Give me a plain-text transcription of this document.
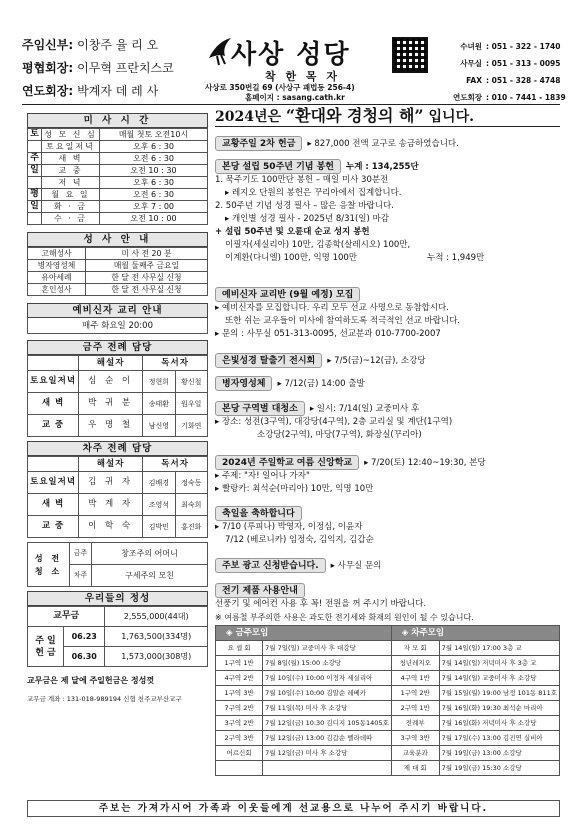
주임신부: 이창주 율 리 오
평협회장: 이무혁 프란치스코
연도회장: 박계자 데 레 사
사상 성당
착 한 목 자
사상로 350번길 69 (사상구 괘법동 256-4)
홈페이지 : sasang.cath.kr
수녀원 : 051 - 322 - 1740
사무실 : 051 - 313 - 0095
FAX : 051 - 328 - 4748
연도회장 : 010 - 7441 - 1839
미 사 시 간
토	성 모 신 심	매월 첫토 오전10시
	토요일저녁	오후 6 : 30
주	새 벽	오전 6 : 30
일	교 중	오전 10 : 30
	저 녁	오후 6 : 30
평	월 요 일	오전 6 : 30
일	화 · 금	오후 7 : 00
	수 · 금	오전 10 : 00
성 사 안 내
고해성사	미 사 전 20 분
병자영성체	매월 둘째주 금요일
유아세례	한 달 전 사무실 신청
혼인성사	한 달 전 사무실 신청
예비신자 교리 안내
매주 화요일 20:00
금주 전례 담당
	해설자	독서자	
토요일저녁	심 순 이	정현희	황신철
새 벽	박 귀 분	송태환	원우일
교 중	우 명 철	남신영	기화연
차주 전례 담당
	해설자	독서자	
토요일저녁	김 귀 자	김배경	정숙동
새 벽	박 계 자	조영석	최숙희
교 중	이 학 숙	김박민	홍진화
성 전 청 소	금주	창조주의 어머니
	차주	구세주의 모친
우리들의 정성
교무금		2,555,000(44대)
주 일 헌 금	06.23	1,763,500(334명)
	06.30	1,573,000(308명)
교무금은 제 달에 주일헌금은 정성껏
교무금 계좌 : 131-018-989194 신협 천주교부산교구
2024년은 “환대와 경청의 해” 입니다.
교황주일 2차 헌금 ▸ 827,000 전액 교구로 송금하였습니다.
본당 설립 50주년 기념 봉헌 누계 : 134,255단

1. 묵주기도 100만단 봉헌 – 매일 미사 30분전

▸ 레지오 단원의 봉헌은 꾸리아에서 집계합니다.

2. 50주년 기념 성경 필사 – 많은 응찰 바랍니다.

▸ 개인별 성경 필사 - 2025년 8/31(일) 마감

+ 설립 50주년 및 오륜대 순교 성지 봉헌

이필자(세실리아) 10만, 김종학(살레시오) 100만,

이계환(다니엘) 100만, 익명 100만	누적 : 1,949만

예비신자 교리반 (9월 예정) 모집

▸ 예비신자를 모집합니다. 우리 모두 선교 사명으로 동참합시다.

또한 쉬는 교우들이 미사에 참여하도록 적극적인 선교 바랍니다.

▸ 문의 : 사무실 051-313-0095, 선교분과 010-7700-2007

은빛성경 탈출기 전시회 ▸ 7/5(금)~12(금), 소강당
병자영성체 ▸ 7/12(금) 14:00 출발
본당 구역별 대청소 ▸ 일시: 7/14(일) 교중미사 후

▸ 장소: 성전(3구역), 대강당(4구역), 2층 교리실 및 계단(1구역)

소강당(2구역), 마당(7구역), 화장실(꾸리아)

2024년 주일학교 여름 신앙학교 ▸ 7/20(토) 12:40~19:30, 본당

▸ 주제: "자! 일어나 가자"

▸ 빨랑카: 최석순(마리아) 10만, 익명 10만

축일을 축하합니다

▸ 7/10 (루피나) 박영자, 이정심, 이윤자

7/12 (베로니카) 임정숙, 김익지, 김갑순

주보 광고 신청받습니다. ▸ 사무실 문의
전기 제품 사용안내

선풍기 및 에어컨 사용 후 꼭! 전원을 꺼 주시기 바랍니다.

※ 여름철 부주의한 사용은 과도한 전기세와 화재의 원인이 될 수 있습니다.

◈ 금주모임		◈ 차주모임	
요 셉 회	7월 7일(일) 교중미사 후 대강당	자 모 회	7월 14일(일) 17:00 3층 교
1구역 1반	7월 8일(월) 15:00 소강당	청년레지오	7월 14일(일) 저녁미사 후 3층 교
4구역 2반	7월 10일(수) 10:00 이정자 세실리아	4구역 1반	7월 14일(일) 교중미사 후 소강당
1구역 3반	7월 10일(수) 10:00 김말순 레베카	1구역 2반	7월 15일(월) 19:00 남정 101동 811호
7구역 2반	7월 11일(목) 미사 후 소강당	2구역 1반	7월 16일(화) 19:30 최석순 마리아
3구역 2반	7월 12일(금) 10:30 김디지 105동1405호	전례부	7월 16일(화) 저녁미사 후 소강당
2구역 3반	7월 12일(금) 13:00 김갑순 벨라데따	3구역 3반	7월 17일(수) 13:00 김진연 실비아
어르신회	7월 12일(금) 미사 후 소강당	교육분과	7월 19일(금) 13:00 소강당
		제 대 회	7월 19일(금) 15:30 소강당
주보는 가져가시어 가족과 이웃들에게 선교용으로 나누어 주시기 바랍니다.
